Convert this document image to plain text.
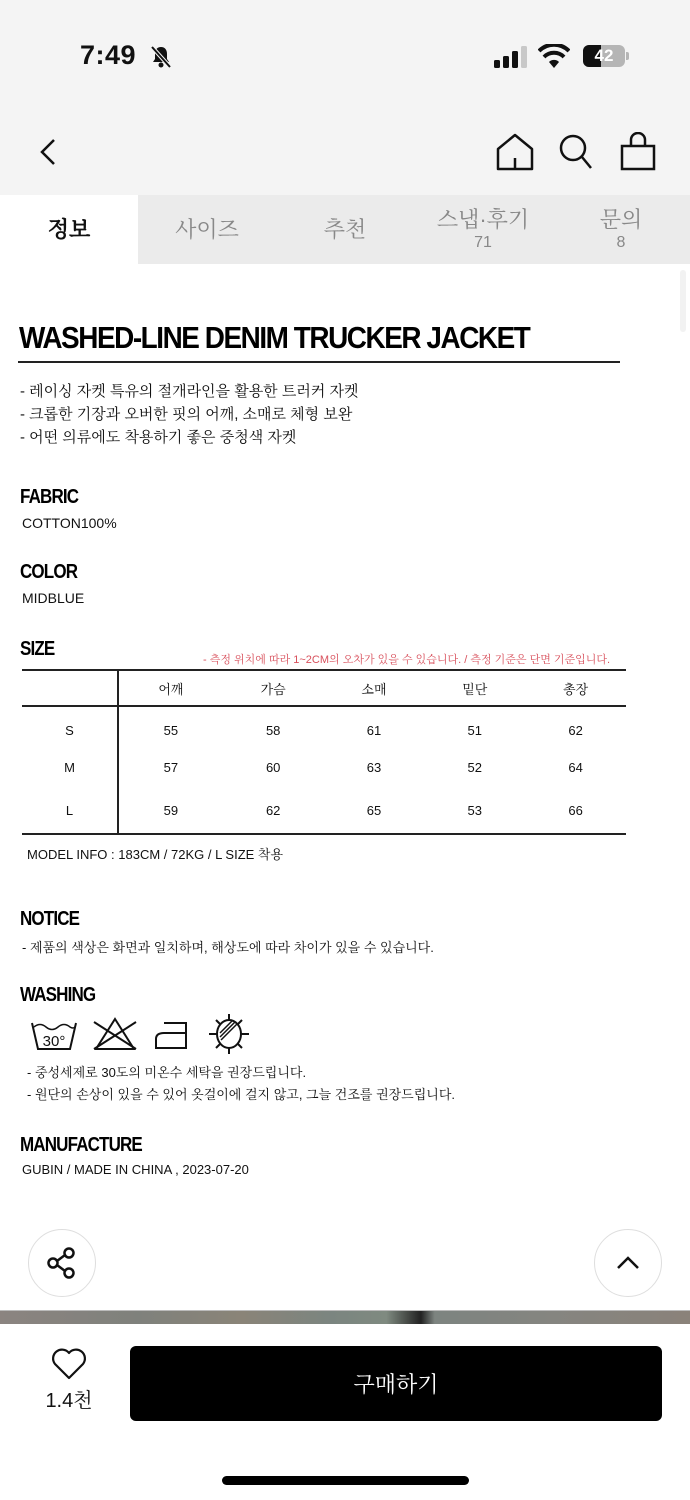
7:49	42
정보	사이즈	추천	스냅·후기
71
문의
8
WASHED-LINE DENIM TRUCKER JACKET
- 레이싱 자켓 특유의 절개라인을 활용한 트러커 자켓
- 크롭한 기장과 오버한 핏의 어깨, 소매로 체형 보완
- 어떤 의류에도 착용하기 좋은 중청색 자켓
FABRIC
COTTON100%
COLOR
MIDBLUE
SIZE	- 측정 위치에 따라 1~2CM의 오차가 있을 수 있습니다. / 측정 기준은 단면 기준입니다.
	어깨	가슴	소매	밑단	총장
S	55	58	61	51	62
M	57	60	63	52	64
L	59	62	65	53	66
MODEL INFO : 183CM / 72KG / L SIZE 착용
NOTICE
- 제품의 색상은 화면과 일치하며, 해상도에 따라 차이가 있을 수 있습니다.
WASHING
30°
- 중성세제로 30도의 미온수 세탁을 권장드립니다.
- 원단의 손상이 있을 수 있어 옷걸이에 걸지 않고, 그늘 건조를 권장드립니다.
MANUFACTURE
GUBIN / MADE IN CHINA , 2023-07-20
1.4천
구매하기
